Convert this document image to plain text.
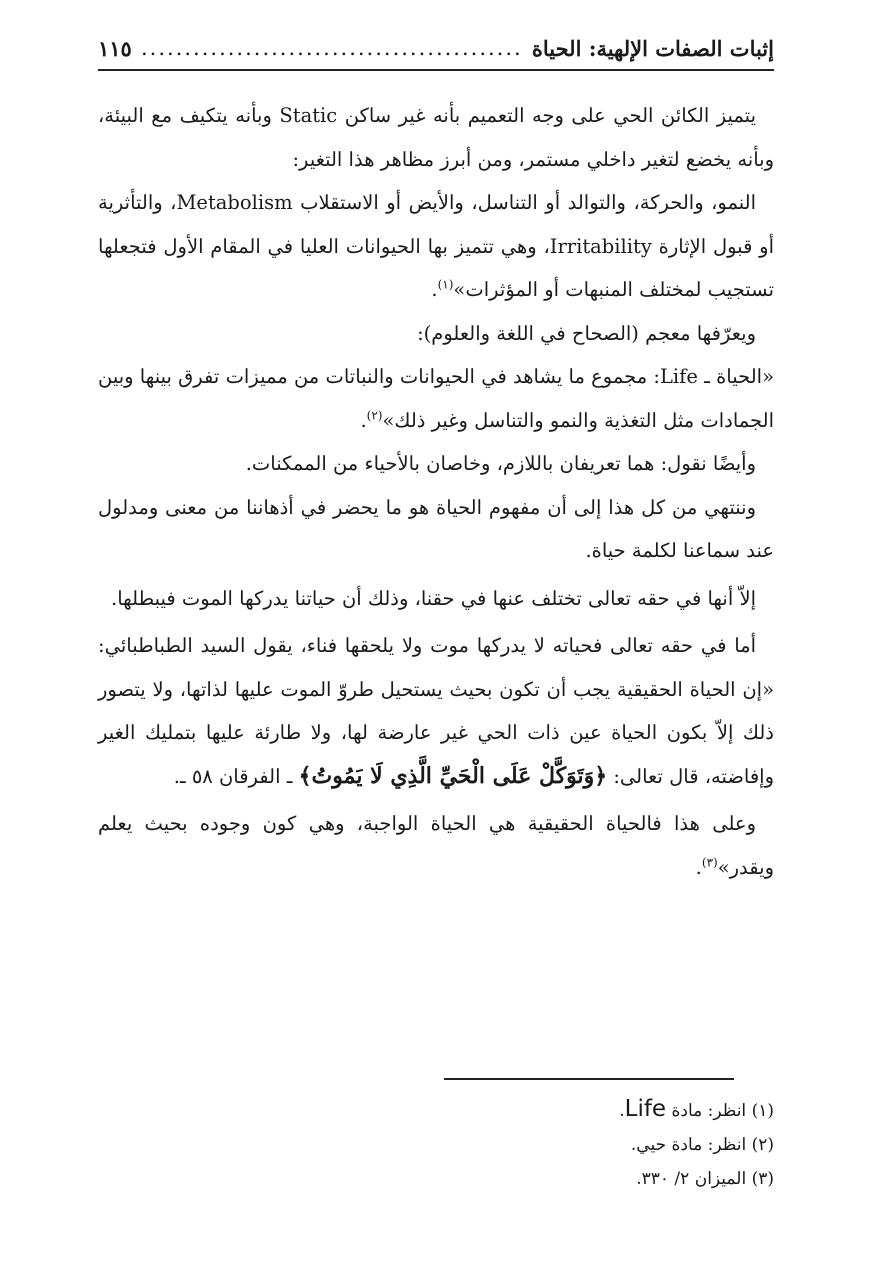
إثبات الصفات الإلهية: الحياة
............................................
١١٥

يتميز الكائن الحي على وجه التعميم بأنه غير ساكن Static وبأنه يتكيف مع البيئة، وبأنه يخضع لتغير داخلي مستمر، ومن أبرز مظاهر هذا التغير:

النمو، والحركة، والتوالد أو التناسل، والأيض أو الاستقلاب Metabolism، والتأثرية أو قبول الإثارة Irritability، وهي تتميز بها الحيوانات العليا في المقام الأول فتجعلها تستجيب لمختلف المنبهات أو المؤثرات»$^{(١)}$.

ويعرّفها معجم (الصحاح في اللغة والعلوم):

«الحياة ـ Life: مجموع ما يشاهد في الحيوانات والنباتات من مميزات تفرق بينها وبين الجمادات مثل التغذية والنمو والتناسل وغير ذلك»$^{(٢)}$.

وأيضًا نقول: هما تعريفان باللازم، وخاصان بالأحياء من الممكنات.

وننتهي من كل هذا إلى أن مفهوم الحياة هو ما يحضر في أذهاننا من معنى ومدلول عند سماعنا لكلمة حياة.

إلاّ أنها في حقه تعالى تختلف عنها في حقنا، وذلك أن حياتنا يدركها الموت فيبطلها.

أما في حقه تعالى فحياته لا يدركها موت ولا يلحقها فناء، يقول السيد الطباطبائي: «إن الحياة الحقيقية يجب أن تكون بحيث يستحيل طروّ الموت عليها لذاتها، ولا يتصور ذلك إلاّ بكون الحياة عين ذات الحي غير عارضة لها، ولا طارئة عليها بتمليك الغير وإفاضته، قال تعالى: ﴿وَتَوَكَّلْ عَلَى الْحَيِّ الَّذِي لَا يَمُوتُ﴾ ـ الفرقان ٥٨ ـ.

وعلى هذا فالحياة الحقيقية هي الحياة الواجبة، وهي كون وجوده بحيث يعلم ويقدر»$^{(٣)}$.

(١) انظر: مادة Life.

(٢) انظر: مادة حيي.

(٣) الميزان ٢/ ٣٣٠.
